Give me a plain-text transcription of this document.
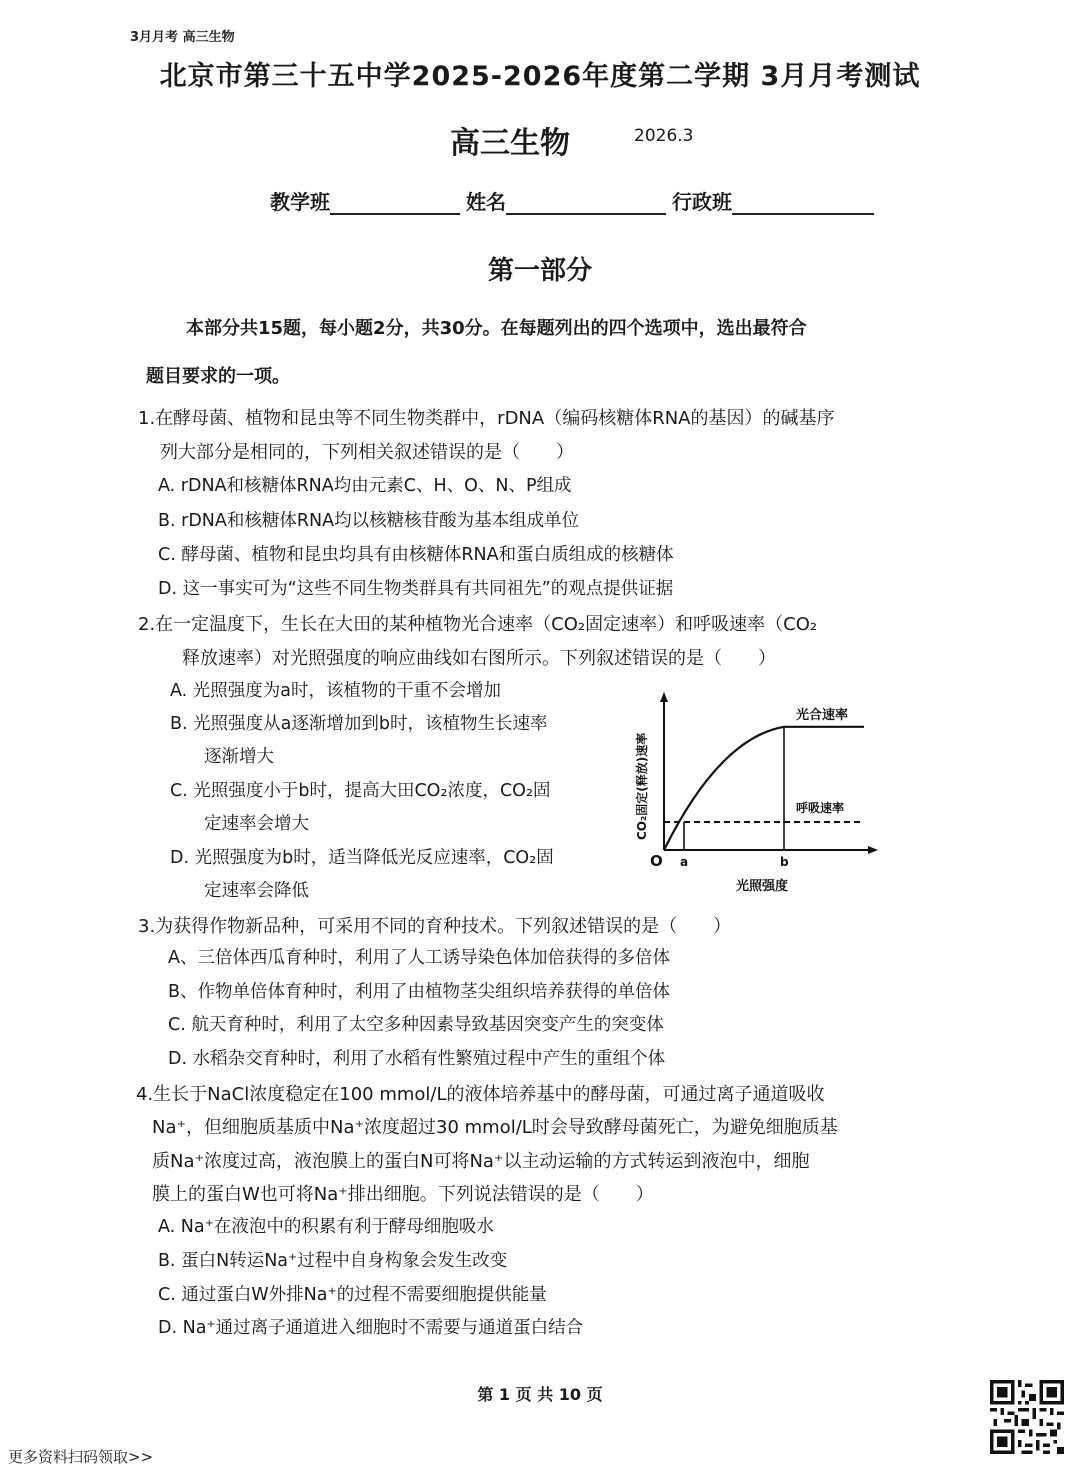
3月月考 高三生物
北京市第三十五中学2025-2026年度第二学期 3月月考测试
高三生物	2026.3
教学班	姓名	行政班
第一部分
本部分共15题，每小题2分，共30分。在每题列出的四个选项中，选出最符合
题目要求的一项。
1.在酵母菌、植物和昆虫等不同生物类群中，rDNA（编码核糖体RNA的基因）的碱基序
列大部分是相同的，下列相关叙述错误的是（　　）
A. rDNA和核糖体RNA均由元素C、H、O、N、P组成
B. rDNA和核糖体RNA均以核糖核苷酸为基本组成单位
C. 酵母菌、植物和昆虫均具有由核糖体RNA和蛋白质组成的核糖体
D. 这一事实可为“这些不同生物类群具有共同祖先”的观点提供证据
2.在一定温度下，生长在大田的某种植物光合速率（CO₂固定速率）和呼吸速率（CO₂
释放速率）对光照强度的响应曲线如右图所示。下列叙述错误的是（　　）
A. 光照强度为a时，该植物的干重不会增加
B. 光照强度从a逐渐增加到b时，该植物生长速率
逐渐增大
C. 光照强度小于b时，提高大田CO₂浓度，CO₂固
定速率会增大
D. 光照强度为b时，适当降低光反应速率，CO₂固
定速率会降低
光合速率
呼吸速率
O a	b
光照强度
CO₂固定(释放)速率
3.为获得作物新品种，可采用不同的育种技术。下列叙述错误的是（　　）
A、三倍体西瓜育种时，利用了人工诱导染色体加倍获得的多倍体
B、作物单倍体育种时，利用了由植物茎尖组织培养获得的单倍体
C. 航天育种时，利用了太空多种因素导致基因突变产生的突变体
D. 水稻杂交育种时，利用了水稻有性繁殖过程中产生的重组个体
4.生长于NaCl浓度稳定在100 mmol/L的液体培养基中的酵母菌，可通过离子通道吸收
Na⁺，但细胞质基质中Na⁺浓度超过30 mmol/L时会导致酵母菌死亡，为避免细胞质基
质Na⁺浓度过高，液泡膜上的蛋白N可将Na⁺以主动运输的方式转运到液泡中，细胞
膜上的蛋白W也可将Na⁺排出细胞。下列说法错误的是（　　）
A. Na⁺在液泡中的积累有利于酵母细胞吸水
B. 蛋白N转运Na⁺过程中自身构象会发生改变
C. 通过蛋白W外排Na⁺的过程不需要细胞提供能量
D. Na⁺通过离子通道进入细胞时不需要与通道蛋白结合
第 1 页 共 10 页
更多资料扫码领取>>
